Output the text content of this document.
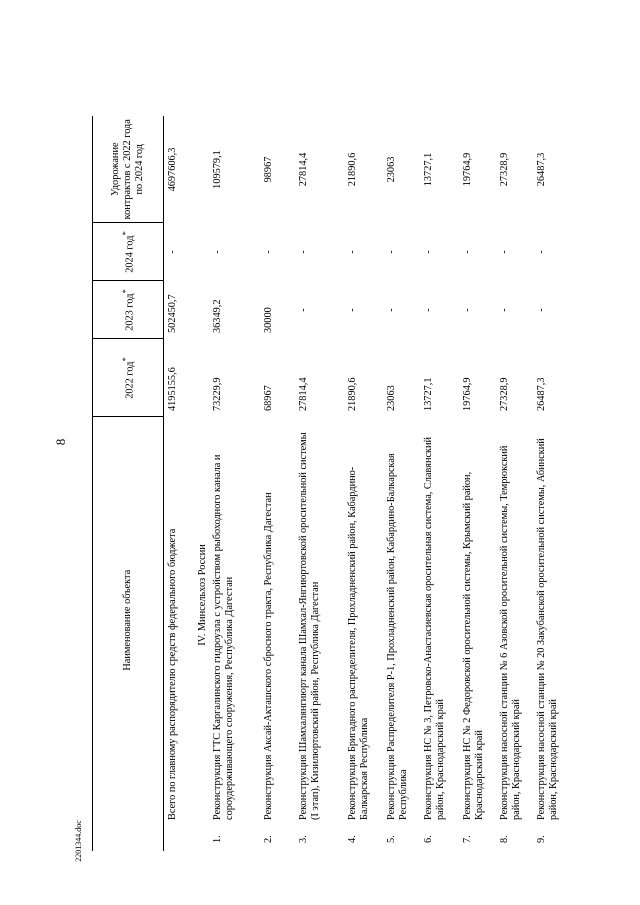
8
2201344.doc
	Наименование объекта	2022 год*	2023 год*	2024 год*	Удорожание контрактов с 2022 года по 2024 год	
	Всего по главному распорядителю средств федерального бюджета	4195155,6	502450,7	-	4697606,3	
IV. Минсельхоз России						
1.	Реконструкция ГТС Каргалинского гидроузла с устройством рыбоходного канала и сороудерживающего сооружения, Республика Дагестан	73229,9	36349,2	-	109579,1	
2.	Реконструкция Аксай-Акташского сбросного тракта, Республика Дагестан	68967	30000	-	98967	
3.	Реконструкция Шамхалянгиюрт канала Шамхал-Янгиюртовской оросительной системы (I этап), Кизилюртовский район, Республика Дагестан	27814,4	-	-	27814,4	
4.	Реконструкция Бригадного распределителя, Прохладненский район, Кабардино-Балкарская Республика	21890,6	-	-	21890,6	
5.	Реконструкция Распределителя Р-1, Прохладненский район, Кабардино-Балкарская Республика	23063	-	-	23063	
6.	Реконструкция НС № 3, Петровско-Анастасиевская оросительная система, Славянский район, Краснодарский край	13727,1	-	-	13727,1	
7.	Реконструкция НС № 2 Федоровской оросительной системы, Крымский район, Краснодарский край	19764,9	-	-	19764,9	
8.	Реконструкция насосной станции № 6 Азовской оросительной системы, Темрюкский район, Краснодарский край	27328,9	-	-	27328,9	
9.	Реконструкция насосной станции № 20 Закубанской оросительной системы, Абинский район, Краснодарский край	26487,3	-	-	26487,3	
